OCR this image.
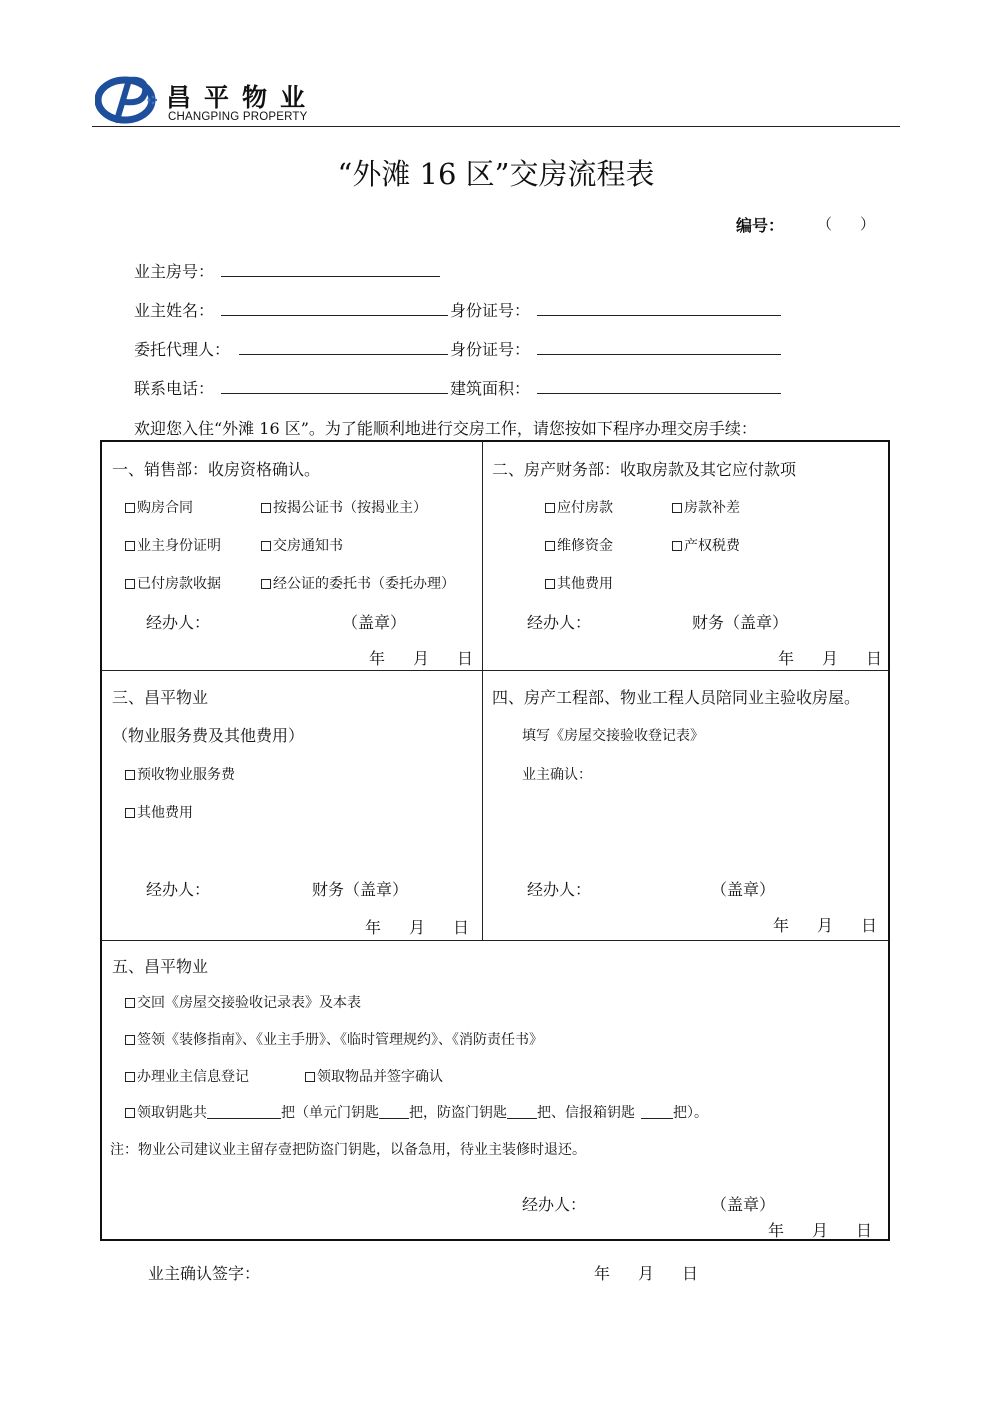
昌平物业
CHANGPING PROPERTY
“外滩 16 区”交房流程表
编号： （ ）
业主房号：
业主姓名：	身份证号：
委托代理人：	身份证号：
联系电话：	建筑面积：
欢迎您入住“外滩 16 区”。为了能顺利地进行交房工作，请您按如下程序办理交房手续：
一、销售部：收房资格确认。
购房合同	按揭公证书（按揭业主）
业主身份证明	交房通知书
已付房款收据	经公证的委托书（委托办理）
经办人：	（盖章）
年 月 日
二、房产财务部：收取房款及其它应付款项
应付房款	房款补差
维修资金	产权税费
其他费用
经办人：	财务（盖章）
年 月 日
三、昌平物业
（物业服务费及其他费用）
预收物业服务费
其他费用
经办人：	财务（盖章）
年 月 日
四、房产工程部、物业工程人员陪同业主验收房屋。
填写《房屋交接验收登记表》
业主确认：
经办人：	（盖章）
年 月 日
五、昌平物业
交回《房屋交接验收记录表》及本表
签领《装修指南》、《业主手册》、《临时管理规约》、《消防责任书》
办理业主信息登记	领取物品并签字确认
领取钥匙共	把（单元门钥匙 把，防盗门钥匙 把、信报箱钥匙	把）。
注：物业公司建议业主留存壹把防盗门钥匙，以备急用，待业主装修时退还。
经办人：	（盖章）
年 月 日
业主确认签字：	年 月 日
